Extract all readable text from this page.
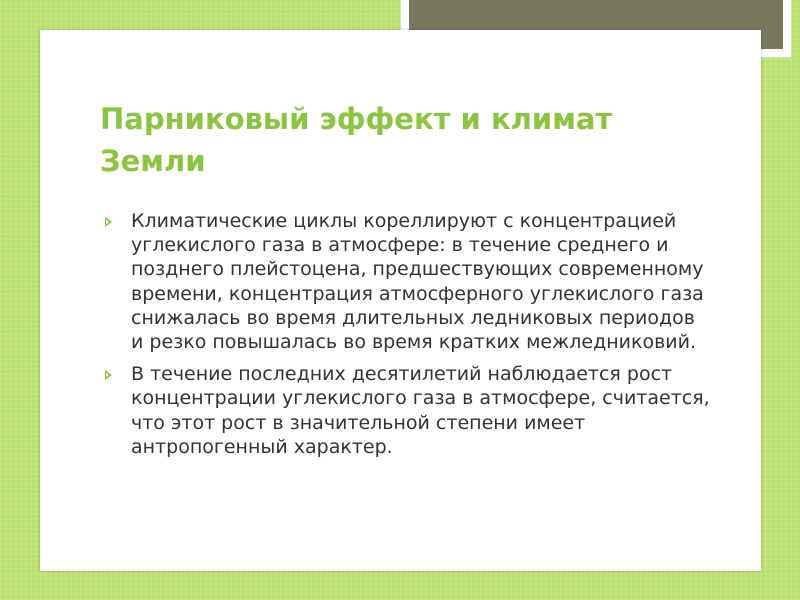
Парниковый эффект и климат Земли
Климатические циклы кореллируют с концентрацией углекислого газа в атмосфере: в течение среднего и позднего плейстоцена, предшествующих современному времени, концентрация атмосферного углекислого газа снижалась во время длительных ледниковых периодов и резко повышалась во время кратких межледниковий.
В течение последних десятилетий наблюдается рост концентрации углекислого газа в атмосфере, считается, что этот рост в значительной степени имеет антропогенный характер.
